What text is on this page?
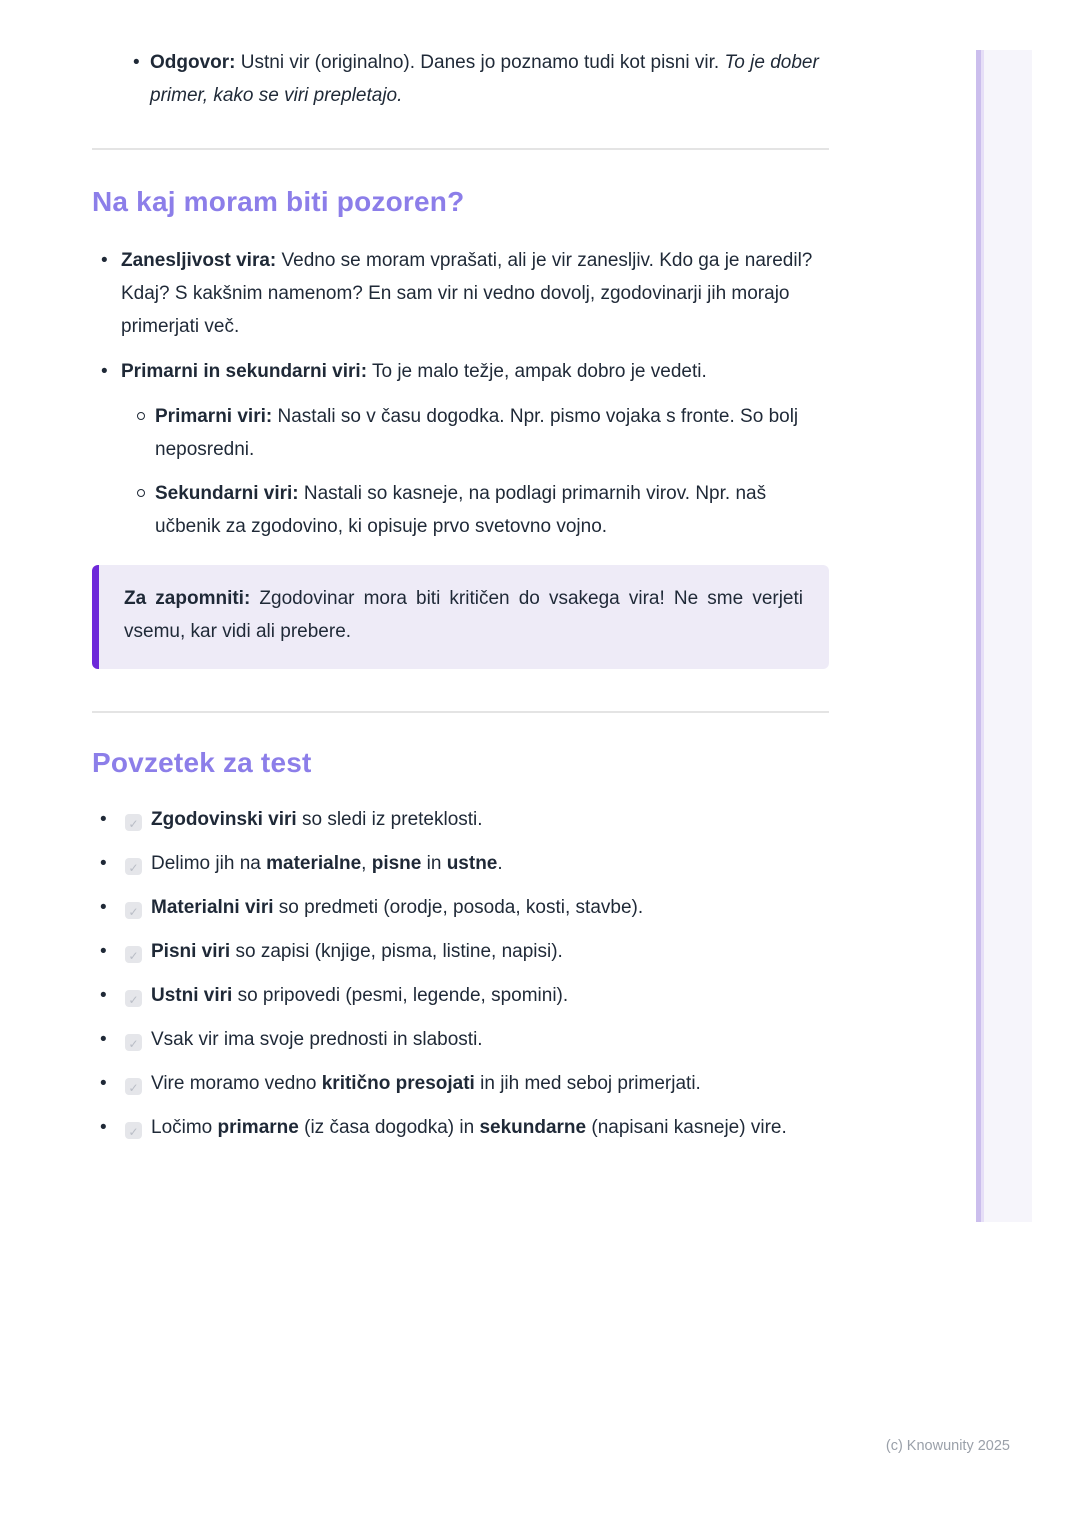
• Odgovor: Ustni vir (originalno). Danes jo poznamo tudi kot pisni vir. To je dober primer, kako se viri prepletajo.
Na kaj moram biti pozoren?
• Zanesljivost vira: Vedno se moram vprašati, ali je vir zanesljiv. Kdo ga je naredil? Kdaj? S kakšnim namenom? En sam vir ni vedno dovolj, zgodovinarji jih morajo primerjati več.
• Primarni in sekundarni viri: To je malo težje, ampak dobro je vedeti.
Primarni viri: Nastali so v času dogodka. Npr. pismo vojaka s fronte. So bolj neposredni.
Sekundarni viri: Nastali so kasneje, na podlagi primarnih virov. Npr. naš učbenik za zgodovino, ki opisuje prvo svetovno vojno.

Za zapomniti: Zgodovinar mora biti kritičen do vsakega vira! Ne sme verjeti vsemu, kar vidi ali prebere.

Povzetek za test
• ✓ Zgodovinski viri so sledi iz preteklosti.
• ✓ Delimo jih na materialne, pisne in ustne.
• ✓ Materialni viri so predmeti (orodje, posoda, kosti, stavbe).
• ✓ Pisni viri so zapisi (knjige, pisma, listine, napisi).
• ✓ Ustni viri so pripovedi (pesmi, legende, spomini).
• ✓ Vsak vir ima svoje prednosti in slabosti.
• ✓ Vire moramo vedno kritično presojati in jih med seboj primerjati.
• ✓ Ločimo primarne (iz časa dogodka) in sekundarne (napisani kasneje) vire.
(c) Knowunity 2025
